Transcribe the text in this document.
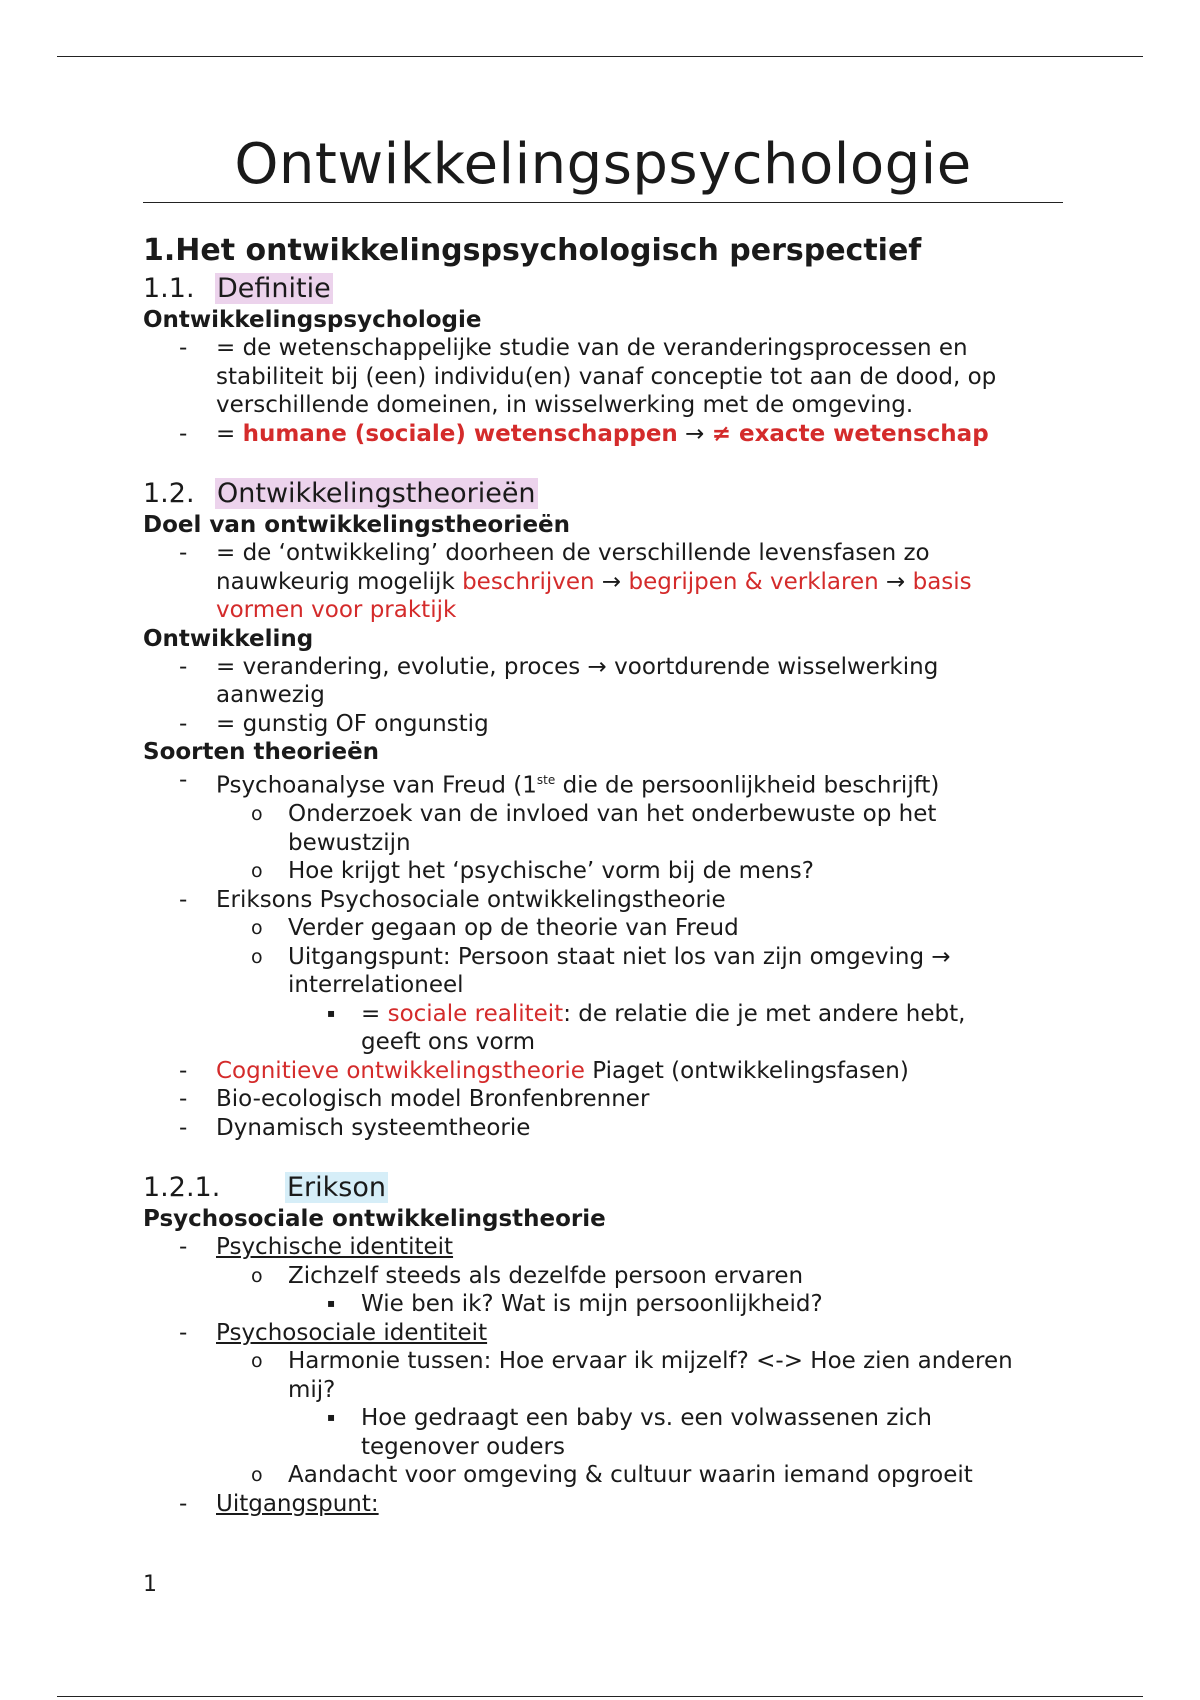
Ontwikkelingspsychologie
1.Het ontwikkelingspsychologisch perspectief
1.1. Definitie

Ontwikkelingspsychologie

- = de wetenschappelijke studie van de veranderingsprocessen en
stabiliteit bij (een) individu(en) vanaf conceptie tot aan de dood, op
verschillende domeinen, in wisselwerking met de omgeving.
- = humane (sociale) wetenschappen → ≠ exacte wetenschap
1.2. Ontwikkelingstheorieën

Doel van ontwikkelingstheorieën

- = de ‘ontwikkeling’ doorheen de verschillende levensfasen zo
nauwkeurig mogelijk beschrijven → begrijpen & verklaren → basis
vormen voor praktijk

Ontwikkeling

- = verandering, evolutie, proces → voortdurende wisselwerking
aanwezig
- = gunstig OF ongunstig

Soorten theorieën

- Psychoanalyse van Freud (1ste die de persoonlijkheid beschrijft)
o Onderzoek van de invloed van het onderbewuste op het
bewustzijn
o Hoe krijgt het ‘psychische’ vorm bij de mens?
- Eriksons Psychosociale ontwikkelingstheorie
o Verder gegaan op de theorie van Freud
o Uitgangspunt: Persoon staat niet los van zijn omgeving →
interrelationeel
▪ = sociale realiteit: de relatie die je met andere hebt,
geeft ons vorm
- Cognitieve ontwikkelingstheorie Piaget (ontwikkelingsfasen)
- Bio-ecologisch model Bronfenbrenner
- Dynamisch systeemtheorie
1.2.1. Erikson

Psychosociale ontwikkelingstheorie

- Psychische identiteit
o Zichzelf steeds als dezelfde persoon ervaren
▪ Wie ben ik? Wat is mijn persoonlijkheid?
- Psychosociale identiteit
o Harmonie tussen: Hoe ervaar ik mijzelf? <-> Hoe zien anderen
mij?
▪ Hoe gedraagt een baby vs. een volwassenen zich
tegenover ouders
o Aandacht voor omgeving & cultuur waarin iemand opgroeit
- Uitgangspunt:
1
